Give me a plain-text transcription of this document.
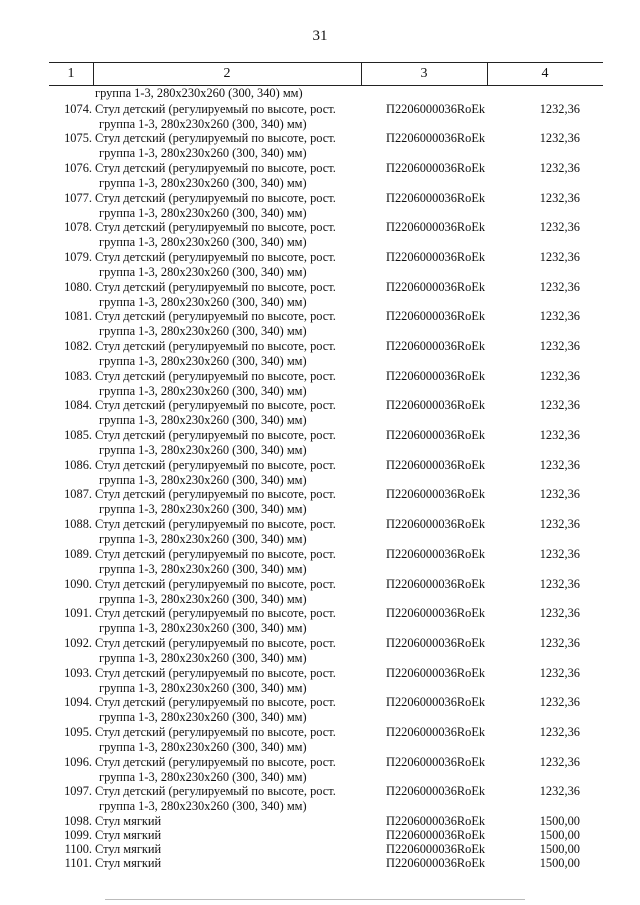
31
1	2	3	4
группа 1-3, 280х230х260 (300, 340) мм)
1074. Стул детский (регулируемый по высоте, рост.
группа 1-3, 280х230х260 (300, 340) мм)
П2206000036RoEk	1232,36
1075. Стул детский (регулируемый по высоте, рост.
группа 1-3, 280х230х260 (300, 340) мм)
П2206000036RoEk	1232,36
1076. Стул детский (регулируемый по высоте, рост.
группа 1-3, 280х230х260 (300, 340) мм)
П2206000036RoEk	1232,36
1077. Стул детский (регулируемый по высоте, рост.
группа 1-3, 280х230х260 (300, 340) мм)
П2206000036RoEk	1232,36
1078. Стул детский (регулируемый по высоте, рост.
группа 1-3, 280х230х260 (300, 340) мм)
П2206000036RoEk	1232,36
1079. Стул детский (регулируемый по высоте, рост.
группа 1-3, 280х230х260 (300, 340) мм)
П2206000036RoEk	1232,36
1080. Стул детский (регулируемый по высоте, рост.
группа 1-3, 280х230х260 (300, 340) мм)
П2206000036RoEk	1232,36
1081. Стул детский (регулируемый по высоте, рост.
группа 1-3, 280х230х260 (300, 340) мм)
П2206000036RoEk	1232,36
1082. Стул детский (регулируемый по высоте, рост.
группа 1-3, 280х230х260 (300, 340) мм)
П2206000036RoEk	1232,36
1083. Стул детский (регулируемый по высоте, рост.
группа 1-3, 280х230х260 (300, 340) мм)
П2206000036RoEk	1232,36
1084. Стул детский (регулируемый по высоте, рост.
группа 1-3, 280х230х260 (300, 340) мм)
П2206000036RoEk	1232,36
1085. Стул детский (регулируемый по высоте, рост.
группа 1-3, 280х230х260 (300, 340) мм)
П2206000036RoEk	1232,36
1086. Стул детский (регулируемый по высоте, рост.
группа 1-3, 280х230х260 (300, 340) мм)
П2206000036RoEk	1232,36
1087. Стул детский (регулируемый по высоте, рост.
группа 1-3, 280х230х260 (300, 340) мм)
П2206000036RoEk	1232,36
1088. Стул детский (регулируемый по высоте, рост.
группа 1-3, 280х230х260 (300, 340) мм)
П2206000036RoEk	1232,36
1089. Стул детский (регулируемый по высоте, рост.
группа 1-3, 280х230х260 (300, 340) мм)
П2206000036RoEk	1232,36
1090. Стул детский (регулируемый по высоте, рост.
группа 1-3, 280х230х260 (300, 340) мм)
П2206000036RoEk	1232,36
1091. Стул детский (регулируемый по высоте, рост.
группа 1-3, 280х230х260 (300, 340) мм)
П2206000036RoEk	1232,36
1092. Стул детский (регулируемый по высоте, рост.
группа 1-3, 280х230х260 (300, 340) мм)
П2206000036RoEk	1232,36
1093. Стул детский (регулируемый по высоте, рост.
группа 1-3, 280х230х260 (300, 340) мм)
П2206000036RoEk	1232,36
1094. Стул детский (регулируемый по высоте, рост.
группа 1-3, 280х230х260 (300, 340) мм)
П2206000036RoEk	1232,36
1095. Стул детский (регулируемый по высоте, рост.
группа 1-3, 280х230х260 (300, 340) мм)
П2206000036RoEk	1232,36
1096. Стул детский (регулируемый по высоте, рост.
группа 1-3, 280х230х260 (300, 340) мм)
П2206000036RoEk	1232,36
1097. Стул детский (регулируемый по высоте, рост.
группа 1-3, 280х230х260 (300, 340) мм)
П2206000036RoEk	1232,36
1098. Стул мягкий	П2206000036RoEk	1500,00
1099. Стул мягкий	П2206000036RoEk	1500,00
1100. Стул мягкий	П2206000036RoEk	1500,00
1101. Стул мягкий	П2206000036RoEk	1500,00
